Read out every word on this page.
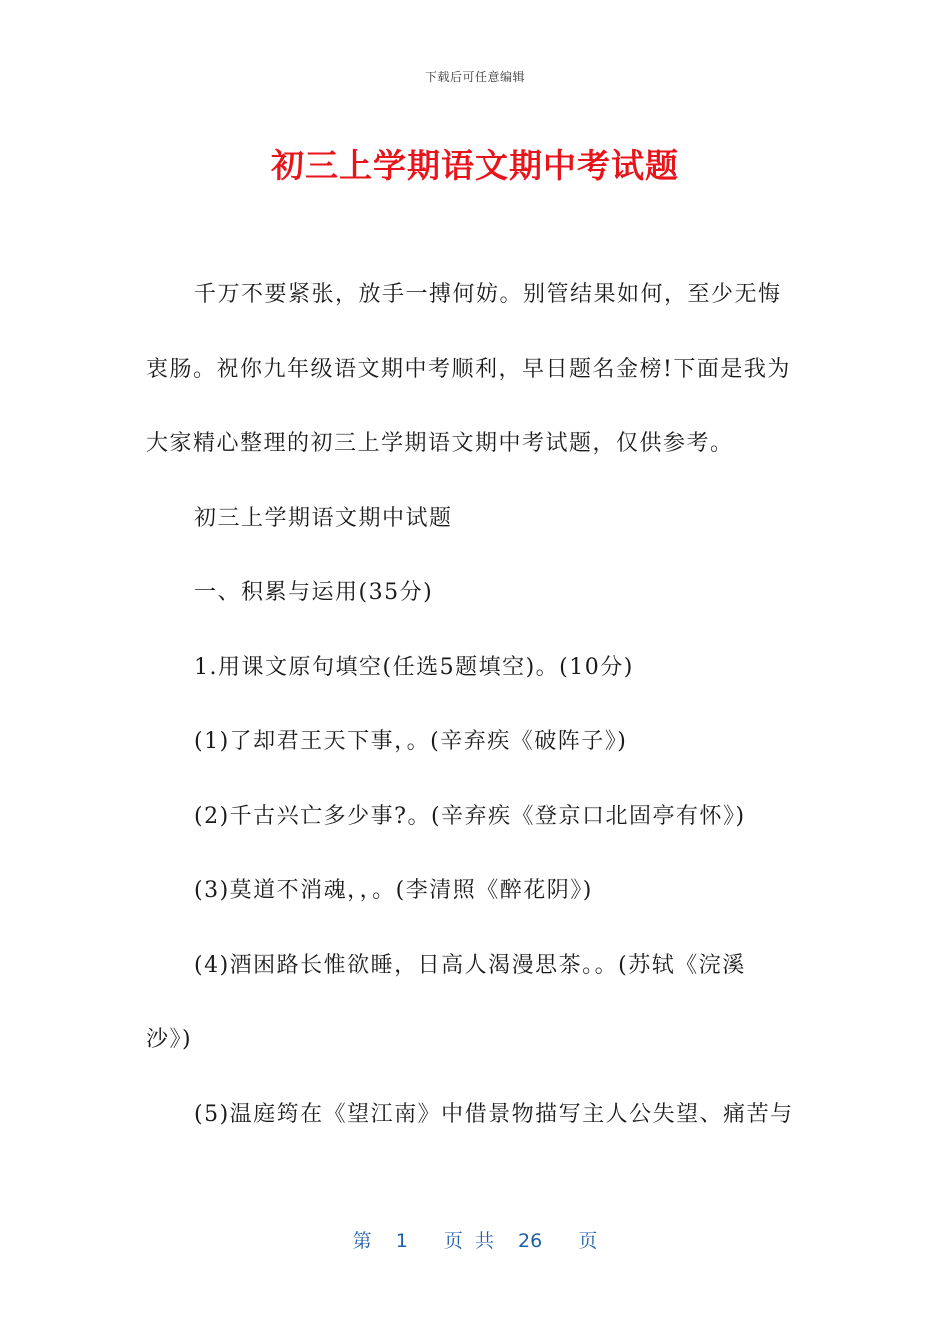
下载后可任意编辑
初三上学期语文期中考试题
千万不要紧张，放手一搏何妨。别管结果如何，至少无悔
衷肠。祝你九年级语文期中考顺利，早日题名金榜!下面是我为
大家精心整理的初三上学期语文期中考试题，仅供参考。
初三上学期语文期中试题
一、积累与运用(35分)
1.用课文原句填空(任选5题填空)。(10分)
(1)了却君王天下事，。(辛弃疾《破阵子》)
(2)千古兴亡多少事?。(辛弃疾《登京口北固亭有怀》)
(3)莫道不消魂，，。(李清照《醉花阴》)
(4)酒困路长惟欲睡，日高人渴漫思茶。。(苏轼《浣溪
沙》)
(5)温庭筠在《望江南》中借景物描写主人公失望、痛苦与
第  1   页 共  26   页
